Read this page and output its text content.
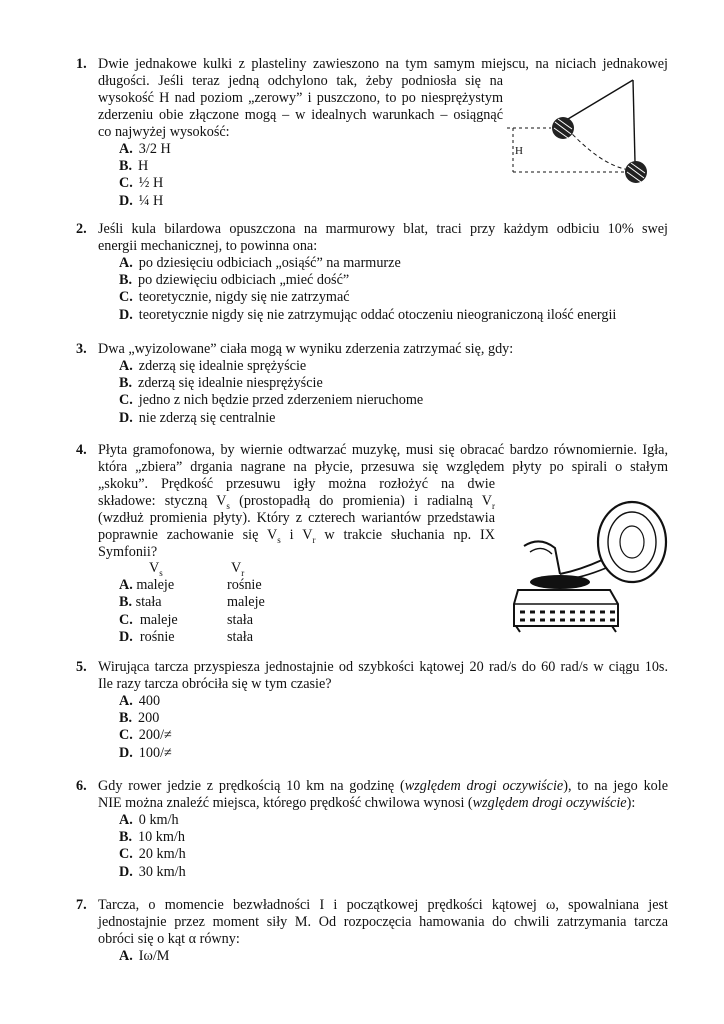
1. Dwie jednakowe kulki z plasteliny zawieszono na tym samym miejscu, na niciach jednakowej
długości. Jeśli teraz jedną odchylono tak, żeby podniosła się na
wysokość H nad poziom „zerowy” i puszczono, to po niesprężystym
zderzeniu obie złączone mogą – w idealnych warunkach – osiągnąć
co najwyżej wysokość:
A. 3/2 H
B. H
C. ½ H
D. ¼ H
H
2. Jeśli kula bilardowa opuszczona na marmurowy blat, traci przy każdym odbiciu 10% swej
energii mechanicznej, to powinna ona:
A. po dziesięciu odbiciach „osiąść” na marmurze
B. po dziewięciu odbiciach „mieć dość”
C. teoretycznie, nigdy się nie zatrzymać
D. teoretycznie nigdy się nie zatrzymując oddać otoczeniu nieograniczoną ilość energii
3. Dwa „wyizolowane” ciała mogą w wyniku zderzenia zatrzymać się, gdy:
A. zderzą się idealnie sprężyście
B. zderzą się idealnie niesprężyście
C. jedno z nich będzie przed zderzeniem nieruchome
D. nie zderzą się centralnie
4. Płyta gramofonowa, by wiernie odtwarzać muzykę, musi się obracać bardzo równomiernie. Igła,
która „zbiera” drgania nagrane na płycie, przesuwa się względem płyty po spirali o stałym
„skoku”. Prędkość przesuwu igły można rozłożyć na dwie
składowe: styczną $V_s$ (prostopadłą do promienia) i radialną $V_r$
(wzdłuż promienia płyty). Który z czterech wariantów przedstawia
poprawnie zachowanie się $V_s$ i $V_r$ w trakcie słuchania np. IX
Symfonii?
$V_s$	$V_r$
A. maleje	rośnie
B. stała	maleje
C. maleje	stała
D. rośnie	stała
5. Wirująca tarcza przyspiesza jednostajnie od szybkości kątowej 20 rad/s do 60 rad/s w ciągu 10s.
Ile razy tarcza obróciła się w tym czasie?
A. 400
B. 200
C. 200/≠
D. 100/≠
6. Gdy rower jedzie z prędkością 10 km na godzinę (względem drogi oczywiście), to na jego kole
NIE można znaleźć miejsca, którego prędkość chwilowa wynosi (względem drogi oczywiście):
A. 0 km/h
B. 10 km/h
C. 20 km/h
D. 30 km/h
7. Tarcza, o momencie bezwładności I i początkowej prędkości kątowej ω, spowalniana jest
jednostajnie przez moment siły M. Od rozpoczęcia hamowania do chwili zatrzymania tarcza
obróci się o kąt α równy:
A. Iω/M
